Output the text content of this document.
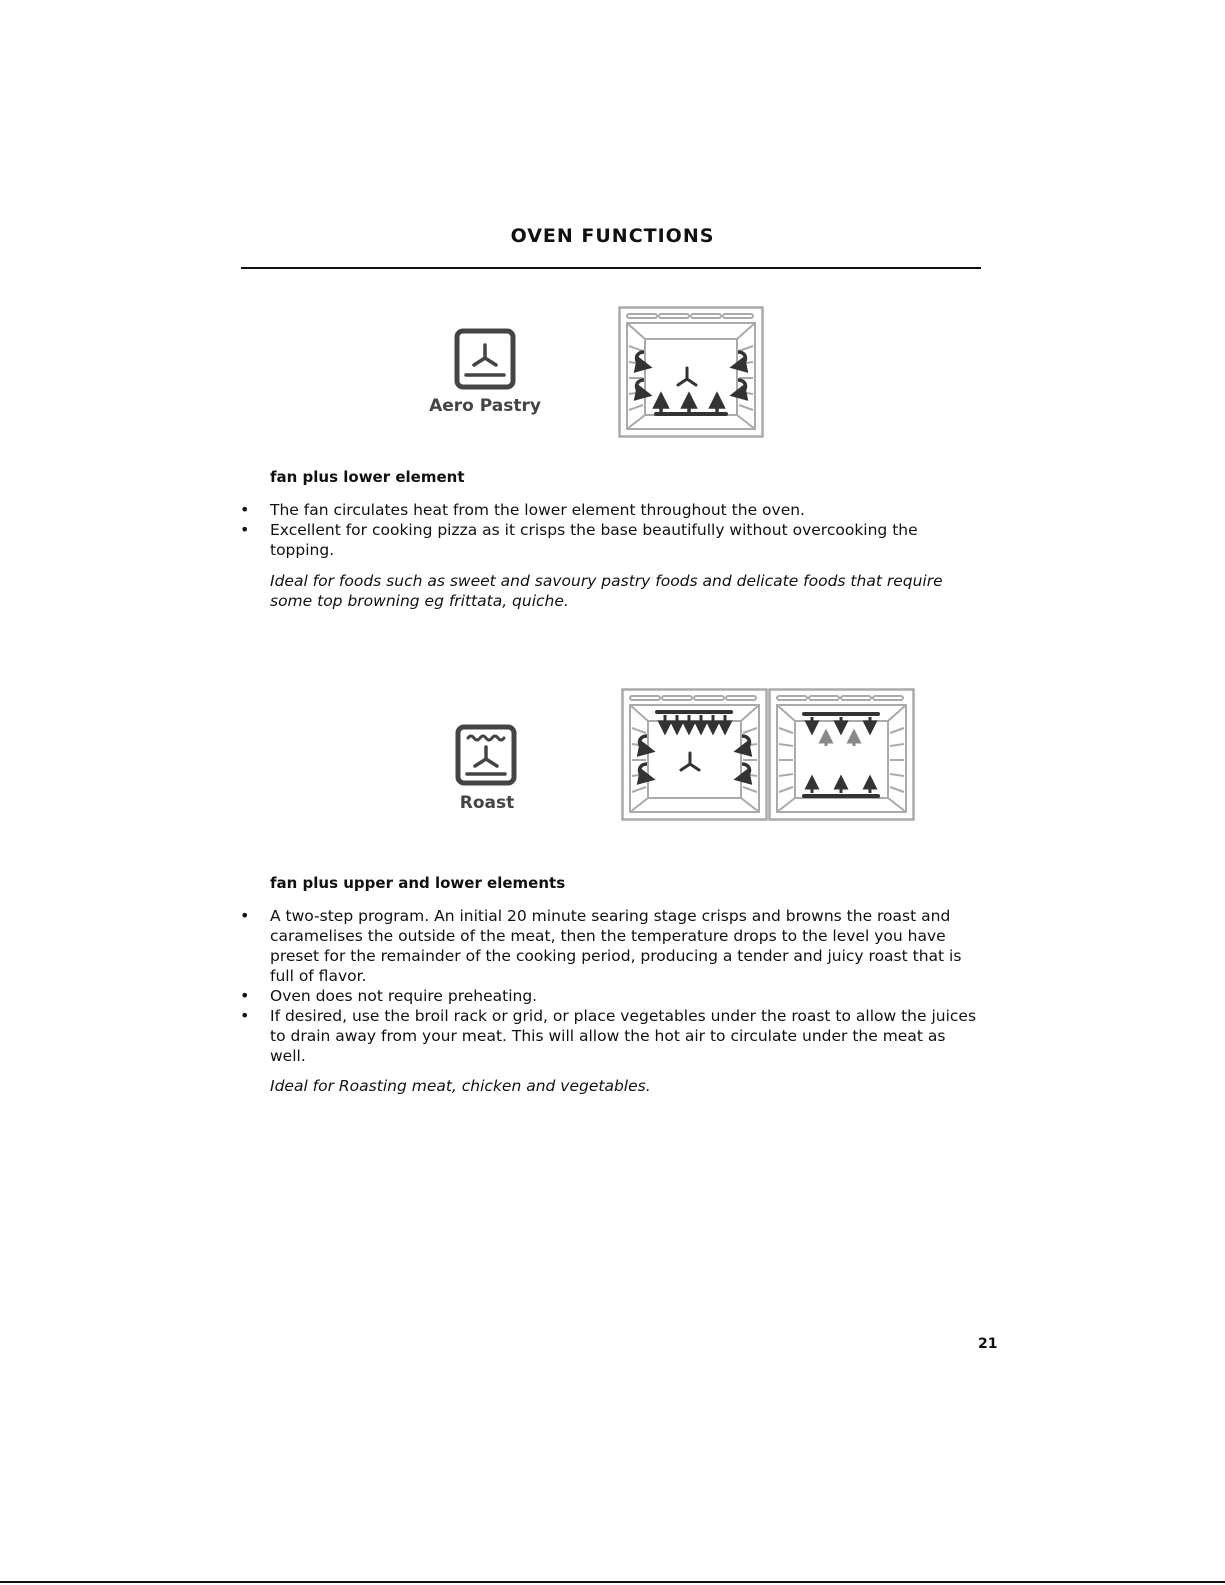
OVEN FUNCTIONS
Aero Pastry
fan plus lower element
• The fan circulates heat from the lower element throughout the oven.
• Excellent for cooking pizza as it crisps the base beautifully without overcooking the topping.
Ideal for foods such as sweet and savoury pastry foods and delicate foods that require some top browning eg frittata, quiche.
Roast
fan plus upper and lower elements
• A two-step program. An initial 20 minute searing stage crisps and browns the roast and caramelises the outside of the meat, then the temperature drops to the level you have preset for the remainder of the cooking period, producing a tender and juicy roast that is full of flavor.
• Oven does not require preheating.
• If desired, use the broil rack or grid, or place vegetables under the roast to allow the juices to drain away from your meat. This will allow the hot air to circulate under the meat as well.
Ideal for Roasting meat, chicken and vegetables.
21
